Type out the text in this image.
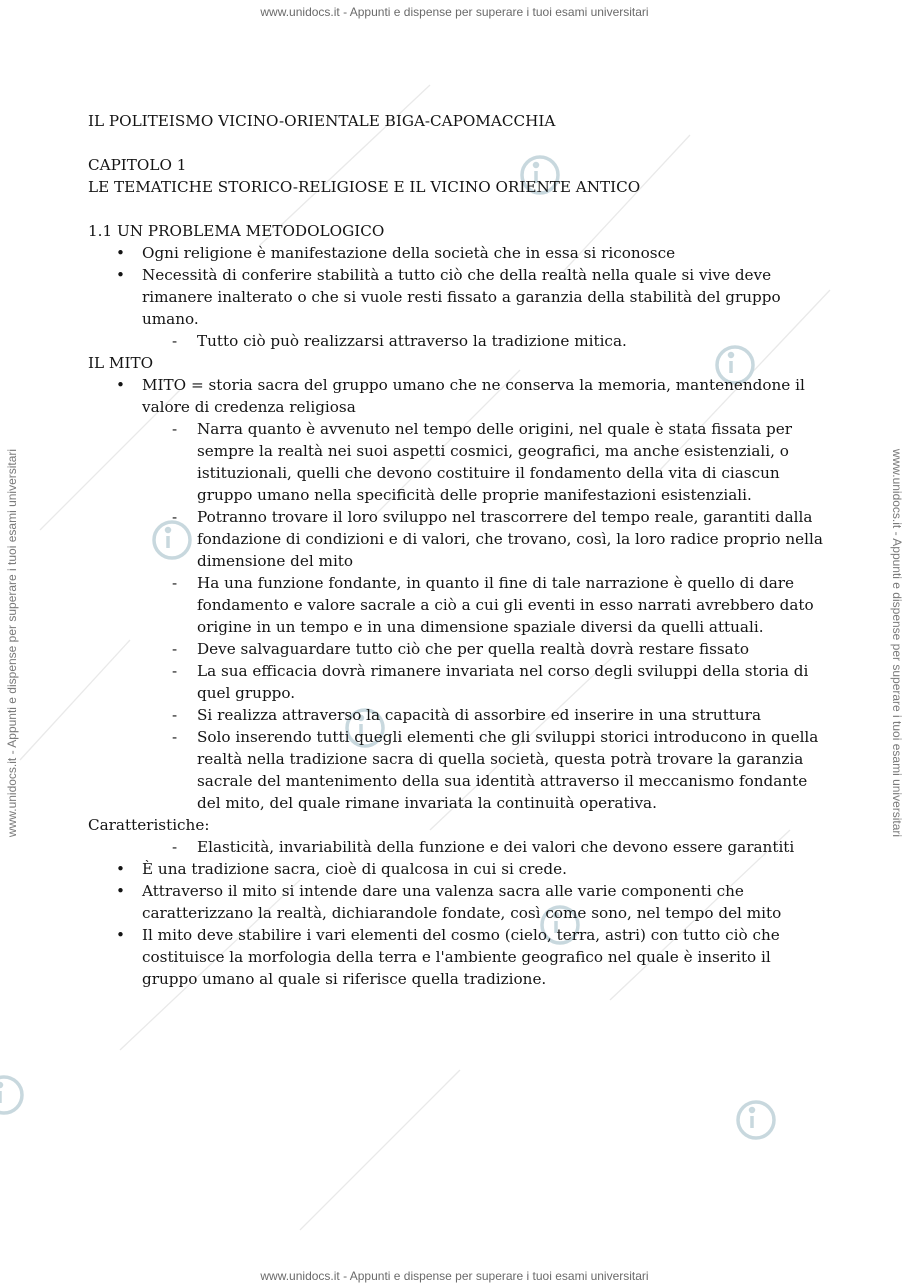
www.unidocs.it - Appunti e dispense per superare i tuoi esami universitari
www.unidocs.it - Appunti e dispense per superare i tuoi esami universitari
www.unidocs.it - Appunti e dispense per superare i tuoi esami universitari	www.unidocs.it - Appunti e dispense per superare i tuoi esami universitari

IL POLITEISMO VICINO-ORIENTALE BIGA-CAPOMACCHIA

CAPITOLO 1

LE TEMATICHE STORICO-RELIGIOSE E IL VICINO ORIENTE ANTICO

1.1 UN PROBLEMA METODOLOGICO

• Ogni religione è manifestazione della società che in essa si riconosce
• Necessità di conferire stabilità a tutto ciò che della realtà nella quale si vive deve rimanere inalterato o che si vuole resti fissato a garanzia della stabilità del gruppo umano.
- Tutto ciò può realizzarsi attraverso la tradizione mitica.

IL MITO

• MITO = storia sacra del gruppo umano che ne conserva la memoria, mantenendone il valore di credenza religiosa
- Narra quanto è avvenuto nel tempo delle origini, nel quale è stata fissata per sempre la realtà nei suoi aspetti cosmici, geografici, ma anche esistenziali, o istituzionali, quelli che devono costituire il fondamento della vita di ciascun gruppo umano nella specificità delle proprie manifestazioni esistenziali.
- Potranno trovare il loro sviluppo nel trascorrere del tempo reale, garantiti dalla fondazione di condizioni e di valori, che trovano, così, la loro radice proprio nella dimensione del mito
- Ha una funzione fondante, in quanto il fine di tale narrazione è quello di dare fondamento e valore sacrale a ciò a cui gli eventi in esso narrati avrebbero dato origine in un tempo e in una dimensione spaziale diversi da quelli attuali.
- Deve salvaguardare tutto ciò che per quella realtà dovrà restare fissato
- La sua efficacia dovrà rimanere invariata nel corso degli sviluppi della storia di quel gruppo.
- Si realizza attraverso la capacità di assorbire ed inserire in una struttura
- Solo inserendo tutti quegli elementi che gli sviluppi storici introducono in quella realtà nella tradizione sacra di quella società, questa potrà trovare la garanzia sacrale del mantenimento della sua identità attraverso il meccanismo fondante del mito, del quale rimane invariata la continuità operativa.

Caratteristiche:

- Elasticità, invariabilità della funzione e dei valori che devono essere garantiti
• È una tradizione sacra, cioè di qualcosa in cui si crede.
• Attraverso il mito si intende dare una valenza sacra alle varie componenti che caratterizzano la realtà, dichiarandole fondate, così come sono, nel tempo del mito
• Il mito deve stabilire i vari elementi del cosmo (cielo, terra, astri) con tutto ciò che costituisce la morfologia della terra e l'ambiente geografico nel quale è inserito il gruppo umano al quale si riferisce quella tradizione.
